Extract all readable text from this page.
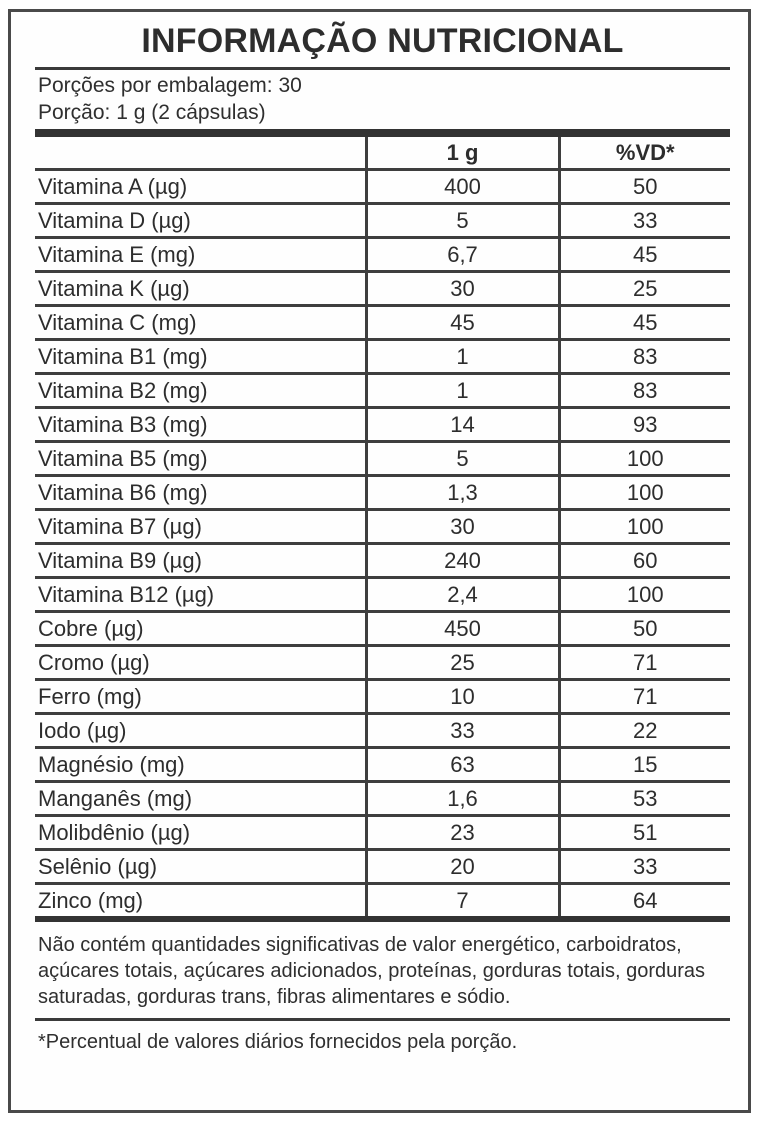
INFORMAÇÃO NUTRICIONAL
Porções por embalagem: 30
Porção: 1 g (2 cápsulas)
	1 g	%VD*
Vitamina A (µg)	400	50
Vitamina D (µg)	5	33
Vitamina E (mg)	6,7	45
Vitamina K (µg)	30	25
Vitamina C (mg)	45	45
Vitamina B1 (mg)	1	83
Vitamina B2 (mg)	1	83
Vitamina B3 (mg)	14	93
Vitamina B5 (mg)	5	100
Vitamina B6 (mg)	1,3	100
Vitamina B7 (µg)	30	100
Vitamina B9 (µg)	240	60
Vitamina B12 (µg)	2,4	100
Cobre (µg)	450	50
Cromo (µg)	25	71
Ferro (mg)	10	71
Iodo (µg)	33	22
Magnésio (mg)	63	15
Manganês (mg)	1,6	53
Molibdênio (µg)	23	51
Selênio (µg)	20	33
Zinco (mg)	7	64
Não contém quantidades significativas de valor energético, carboidratos, açúcares totais, açúcares adicionados, proteínas, gorduras totais, gorduras saturadas, gorduras trans, fibras alimentares e sódio.
*Percentual de valores diários fornecidos pela porção.
